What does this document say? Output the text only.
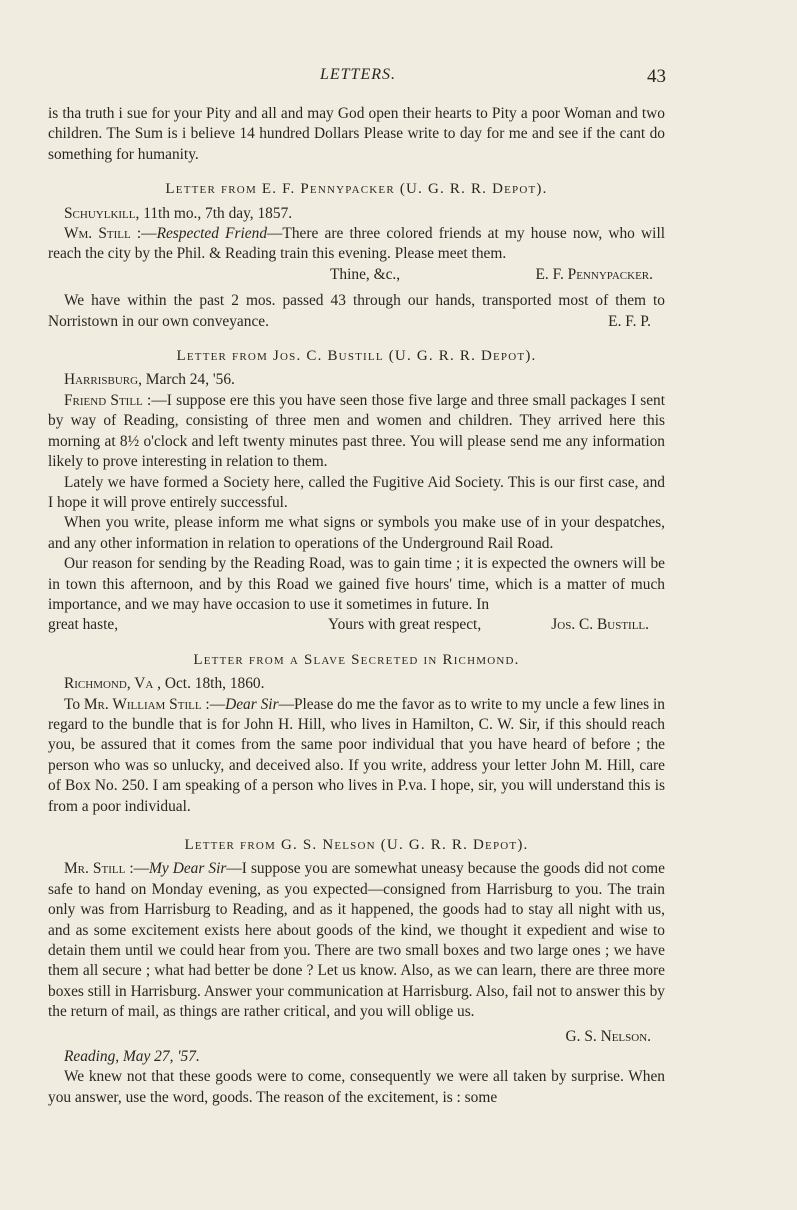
LETTERS.	43

is tha truth i sue for your Pity and all and may God open their hearts to Pity a poor Woman and two children. The Sum is i believe 14 hundred Dollars Please write to day for me and see if the cant do something for humanity.

Letter from E. F. Pennypacker (U. G. R. R. Depot).

Schuylkill, 11th mo., 7th day, 1857.

Wm. Still :—Respected Friend—There are three colored friends at my house now, who will reach the city by the Phil. & Reading train this evening. Please meet them.

Thine, &c.,	E. F. Pennypacker.

We have within the past 2 mos. passed 43 through our hands, transported most of them to Norristown in our own conveyance.	E. F. P.

Letter from Jos. C. Bustill (U. G. R. R. Depot).

Harrisburg, March 24, '56.

Friend Still :—I suppose ere this you have seen those five large and three small packages I sent by way of Reading, consisting of three men and women and children. They arrived here this morning at 8½ o'clock and left twenty minutes past three. You will please send me any information likely to prove interesting in relation to them.

Lately we have formed a Society here, called the Fugitive Aid Society. This is our first case, and I hope it will prove entirely successful.

When you write, please inform me what signs or symbols you make use of in your despatches, and any other information in relation to operations of the Underground Rail Road.

Our reason for sending by the Reading Road, was to gain time ; it is expected the owners will be in town this afternoon, and by this Road we gained five hours' time, which is a matter of much importance, and we may have occasion to use it sometimes in future. In

great haste,	Yours with great respect,	Jos. C. Bustill.
Letter from a Slave Secreted in Richmond.

Richmond, Va , Oct. 18th, 1860.

To Mr. William Still :—Dear Sir—Please do me the favor as to write to my uncle a few lines in regard to the bundle that is for John H. Hill, who lives in Hamilton, C. W. Sir, if this should reach you, be assured that it comes from the same poor individual that you have heard of before ; the person who was so unlucky, and deceived also. If you write, address your letter John M. Hill, care of Box No. 250. I am speaking of a person who lives in P.va. I hope, sir, you will understand this is from a poor individual.

Letter from G. S. Nelson (U. G. R. R. Depot).

Mr. Still :—My Dear Sir—I suppose you are somewhat uneasy because the goods did not come safe to hand on Monday evening, as you expected—consigned from Harrisburg to you. The train only was from Harrisburg to Reading, and as it happened, the goods had to stay all night with us, and as some excitement exists here about goods of the kind, we thought it expedient and wise to detain them until we could hear from you. There are two small boxes and two large ones ; we have them all secure ; what had better be done ? Let us know. Also, as we can learn, there are three more boxes still in Harrisburg. Answer your communication at Harrisburg. Also, fail not to answer this by the return of mail, as things are rather critical, and you will oblige us.

G. S. Nelson.

Reading, May 27, '57.

We knew not that these goods were to come, consequently we were all taken by surprise. When you answer, use the word, goods. The reason of the excitement, is : some
